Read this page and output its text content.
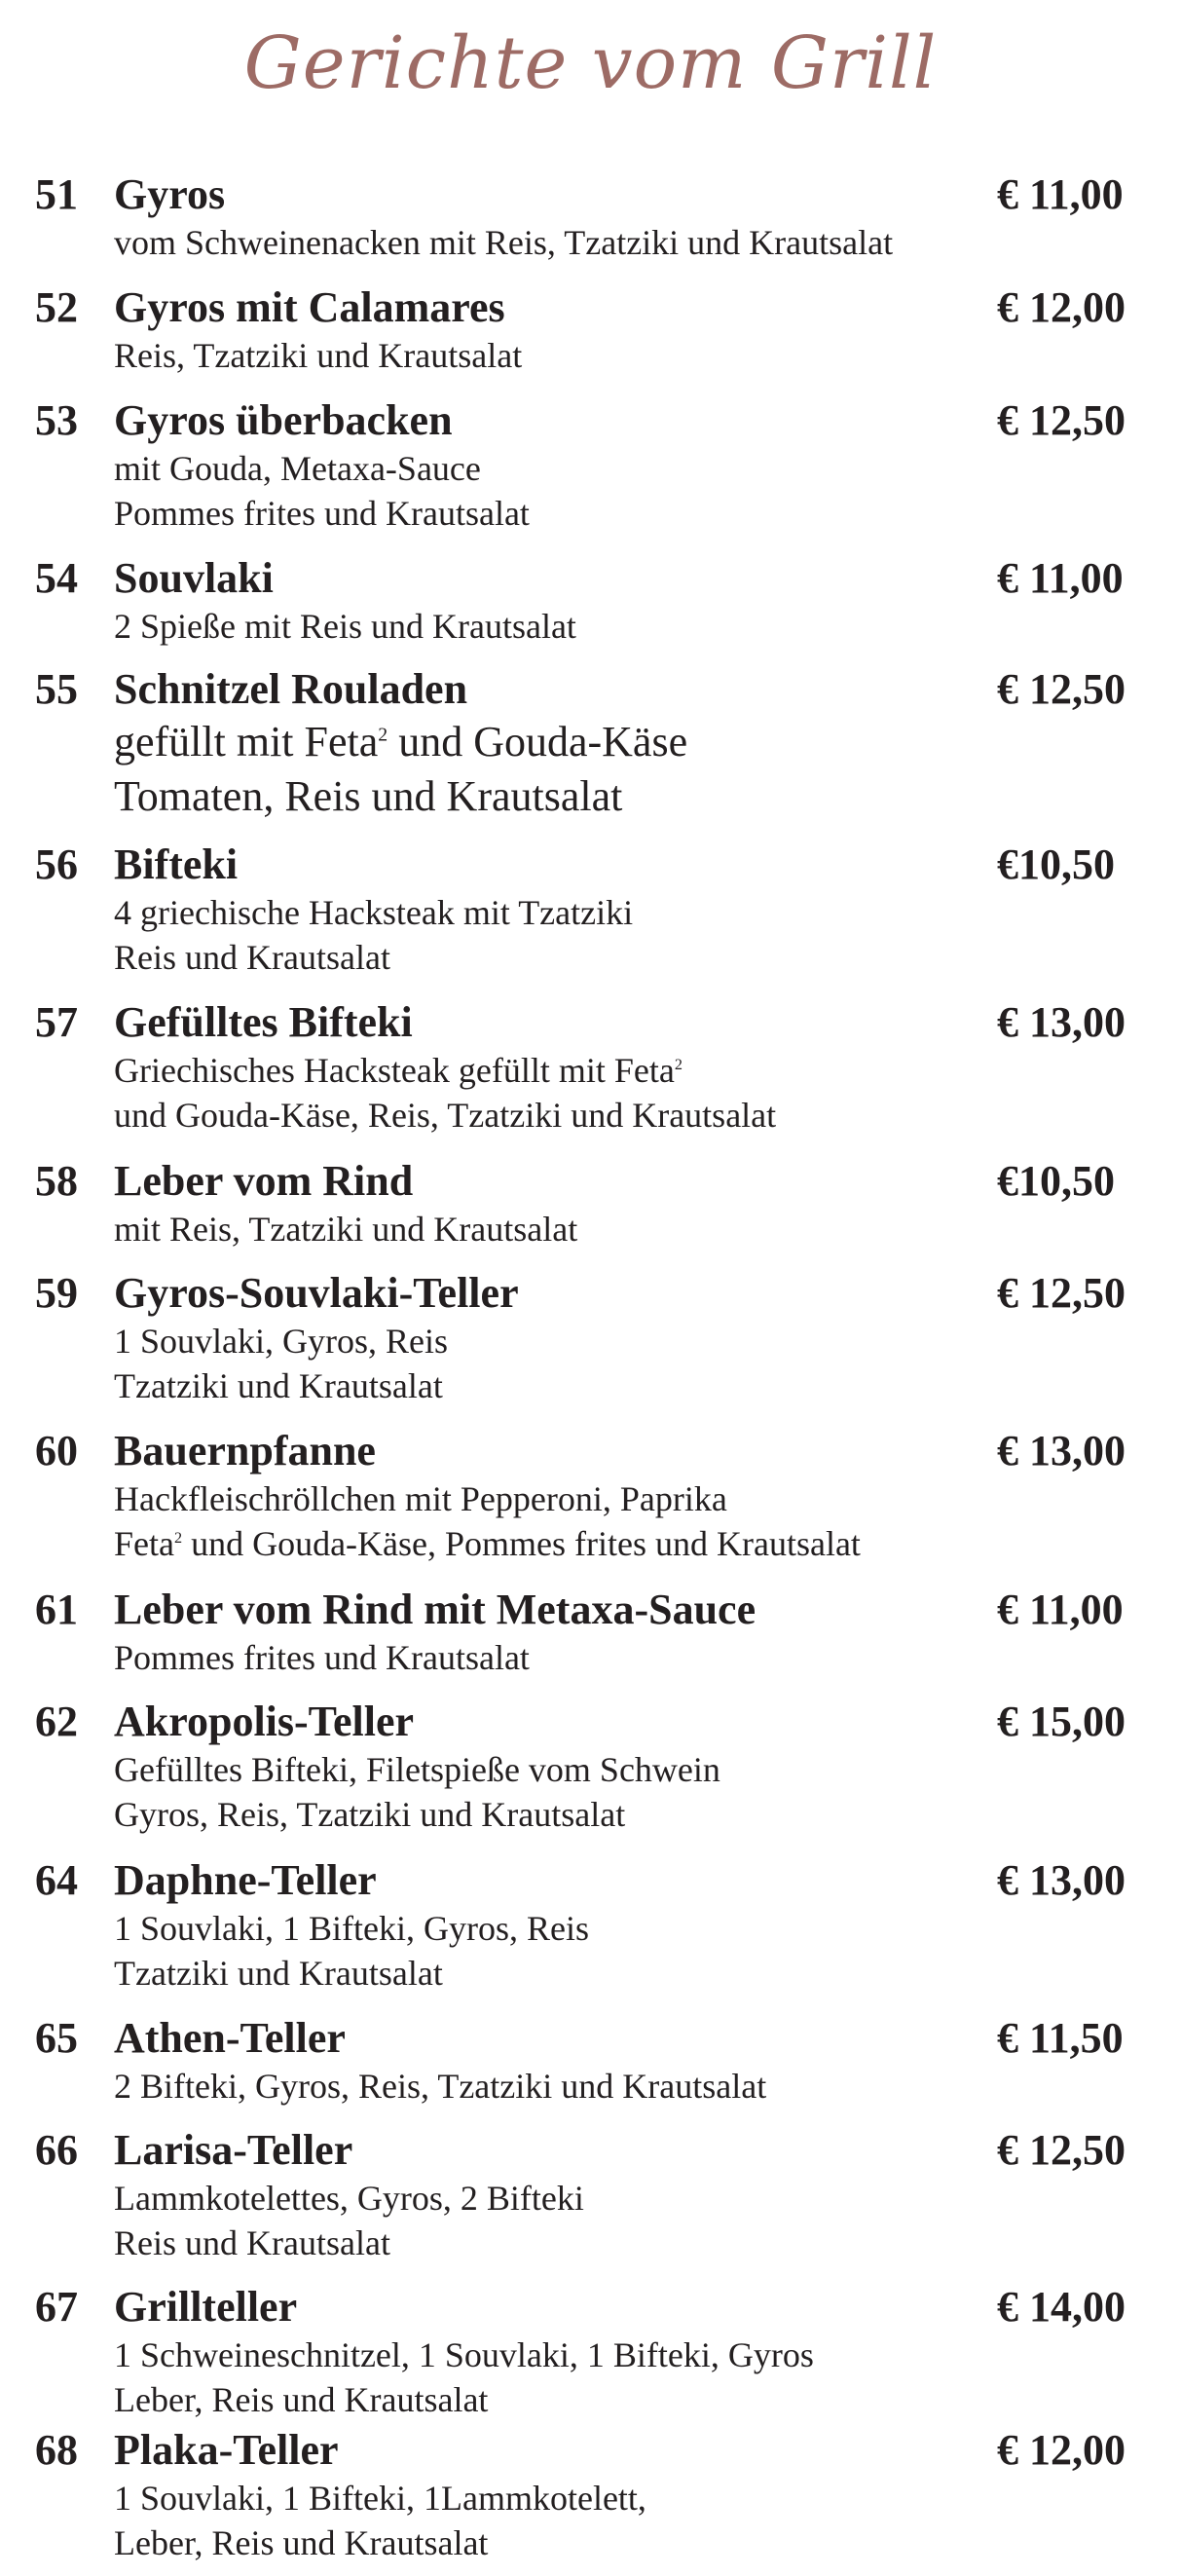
Gerichte vom Grill
51 Gyros	€ 11,00
vom Schweinenacken mit Reis, Tzatziki und Krautsalat
52 Gyros mit Calamares	€ 12,00
Reis, Tzatziki und Krautsalat
53 Gyros überbacken	€ 12,50
mit Gouda, Metaxa-Sauce
Pommes frites und Krautsalat
54 Souvlaki	€ 11,00
2 Spieße mit Reis und Krautsalat
55 Schnitzel Rouladen	€ 12,50
gefüllt mit Feta$^2$ und Gouda-Käse
Tomaten, Reis und Krautsalat
56 Bifteki	€10,50
4 griechische Hacksteak mit Tzatziki
Reis und Krautsalat
57 Gefülltes Bifteki	€ 13,00
Griechisches Hacksteak gefüllt mit Feta$^2$
und Gouda-Käse, Reis, Tzatziki und Krautsalat
58 Leber vom Rind	€10,50
mit Reis, Tzatziki und Krautsalat
59 Gyros-Souvlaki-Teller	€ 12,50
1 Souvlaki, Gyros, Reis
Tzatziki und Krautsalat
60 Bauernpfanne	€ 13,00
Hackfleischröllchen mit Pepperoni, Paprika
Feta$^2$ und Gouda-Käse, Pommes frites und Krautsalat
61 Leber vom Rind mit Metaxa-Sauce	€ 11,00
Pommes frites und Krautsalat
62 Akropolis-Teller	€ 15,00
Gefülltes Bifteki, Filetspieße vom Schwein
Gyros, Reis, Tzatziki und Krautsalat
64 Daphne-Teller	€ 13,00
1 Souvlaki, 1 Bifteki, Gyros, Reis
Tzatziki und Krautsalat
65 Athen-Teller	€ 11,50
2 Bifteki, Gyros, Reis, Tzatziki und Krautsalat
66 Larisa-Teller	€ 12,50
Lammkotelettes, Gyros, 2 Bifteki
Reis und Krautsalat
67 Grillteller	€ 14,00
1 Schweineschnitzel, 1 Souvlaki, 1 Bifteki, Gyros
Leber, Reis und Krautsalat
68 Plaka-Teller	€ 12,00
1 Souvlaki, 1 Bifteki, 1Lammkotelett,
Leber, Reis und Krautsalat
